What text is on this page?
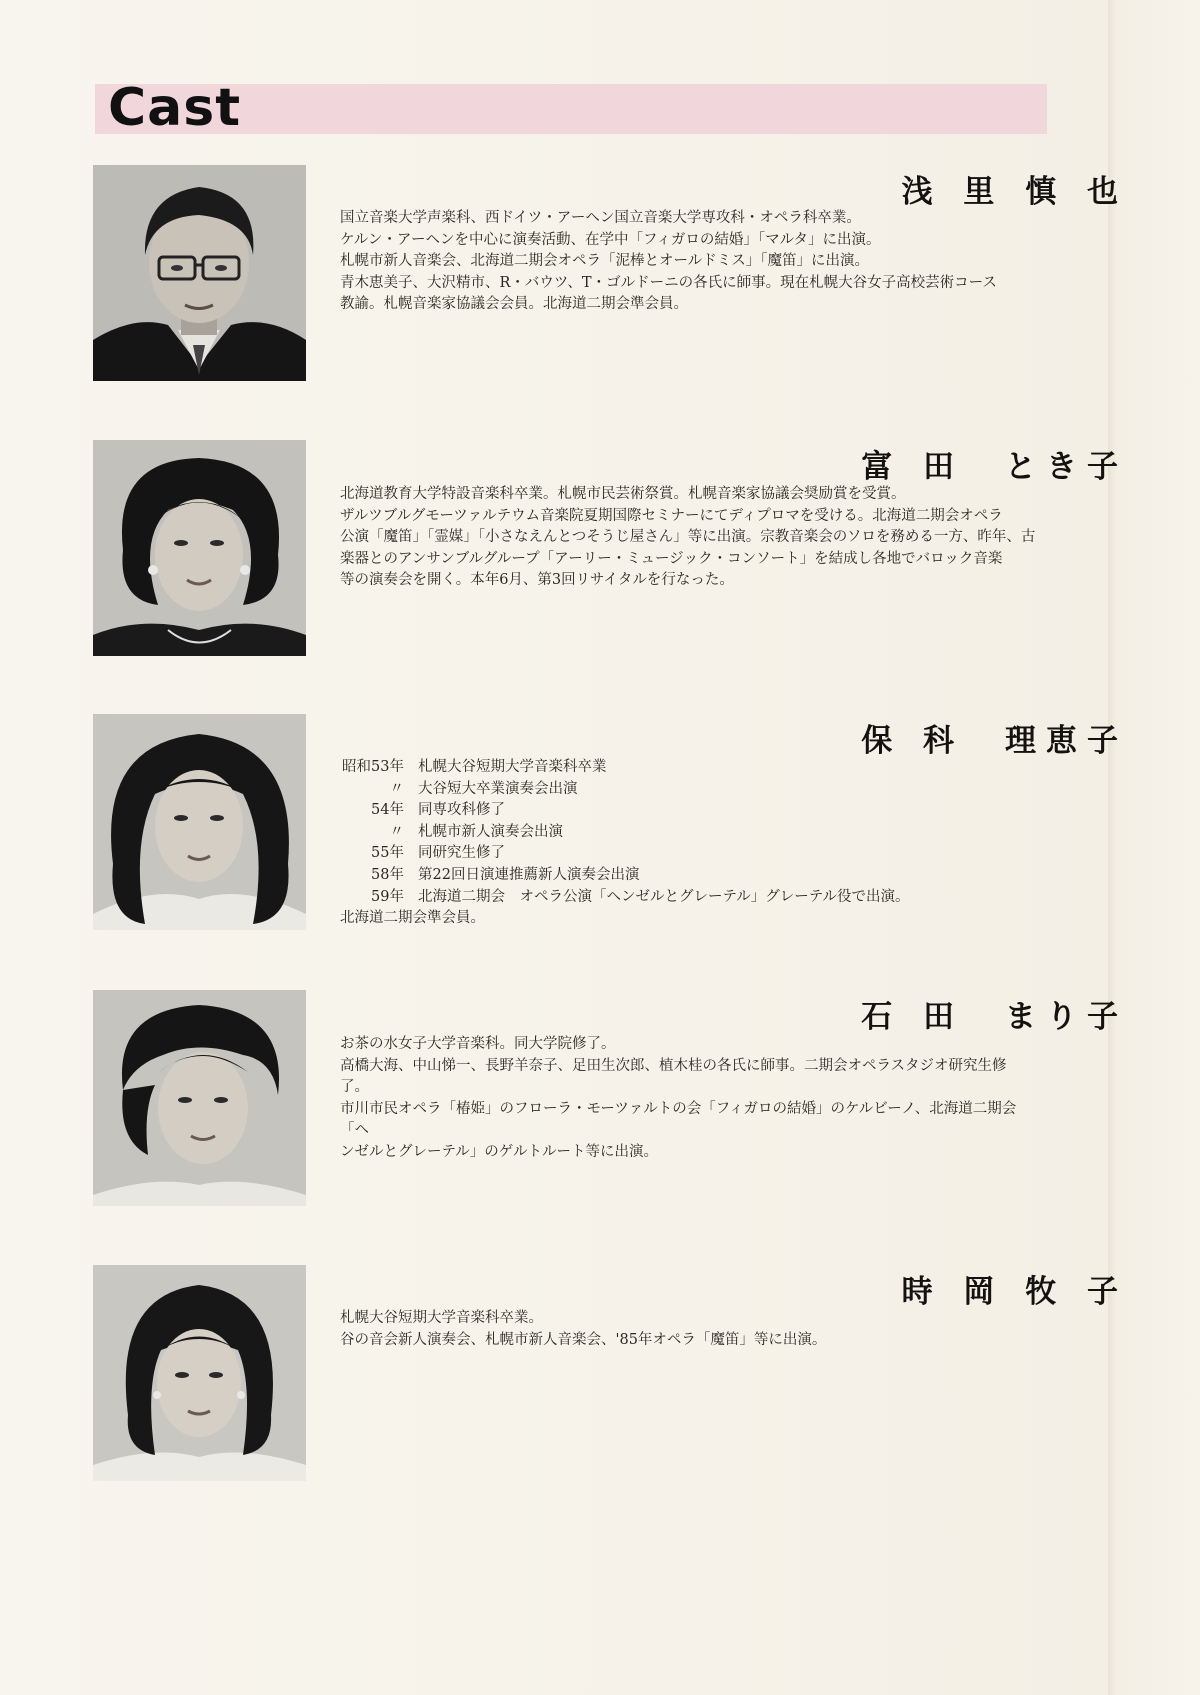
Cast
浅 里 慎 也

国立音楽大学声楽科、西ドイツ・アーヘン国立音楽大学専攻科・オペラ科卒業。

ケルン・アーヘンを中心に演奏活動、在学中「フィガロの結婚」「マルタ」に出演。

札幌市新人音楽会、北海道二期会オペラ「泥棒とオールドミス」「魔笛」に出演。

青木恵美子、大沢精市、R・バウツ、T・ゴルドーニの各氏に師事。現在札幌大谷女子高校芸術コース

教諭。札幌音楽家協議会会員。北海道二期会準会員。

富 田　とき子

北海道教育大学特設音楽科卒業。札幌市民芸術祭賞。札幌音楽家協議会奨励賞を受賞。

ザルツブルグモーツァルテウム音楽院夏期国際セミナーにてディプロマを受ける。北海道二期会オペラ

公演「魔笛」「霊媒」「小さなえんとつそうじ屋さん」等に出演。宗教音楽会のソロを務める一方、昨年、古

楽器とのアンサンブルグループ「アーリー・ミュージック・コンソート」を結成し各地でバロック音楽

等の演奏会を開く。本年6月、第3回リサイタルを行なった。

保 科　理恵子
昭和53年 札幌大谷短期大学音楽科卒業
〃 大谷短大卒業演奏会出演
54年 同専攻科修了
〃 札幌市新人演奏会出演
55年 同研究生修了
58年 第22回日演連推薦新人演奏会出演
59年 北海道二期会　オペラ公演「ヘンゼルとグレーテル」グレーテル役で出演。

北海道二期会準会員。

石 田　まり子

お茶の水女子大学音楽科。同大学院修了。

高橋大海、中山悌一、長野羊奈子、足田生次郎、植木桂の各氏に師事。二期会オペラスタジオ研究生修

了。

市川市民オペラ「椿姫」のフローラ・モーツァルトの会「フィガロの結婚」のケルビーノ、北海道二期会「ヘ

ンゼルとグレーテル」のゲルトルート等に出演。

時 岡 牧 子

札幌大谷短期大学音楽科卒業。

谷の音会新人演奏会、札幌市新人音楽会、'85年オペラ「魔笛」等に出演。
